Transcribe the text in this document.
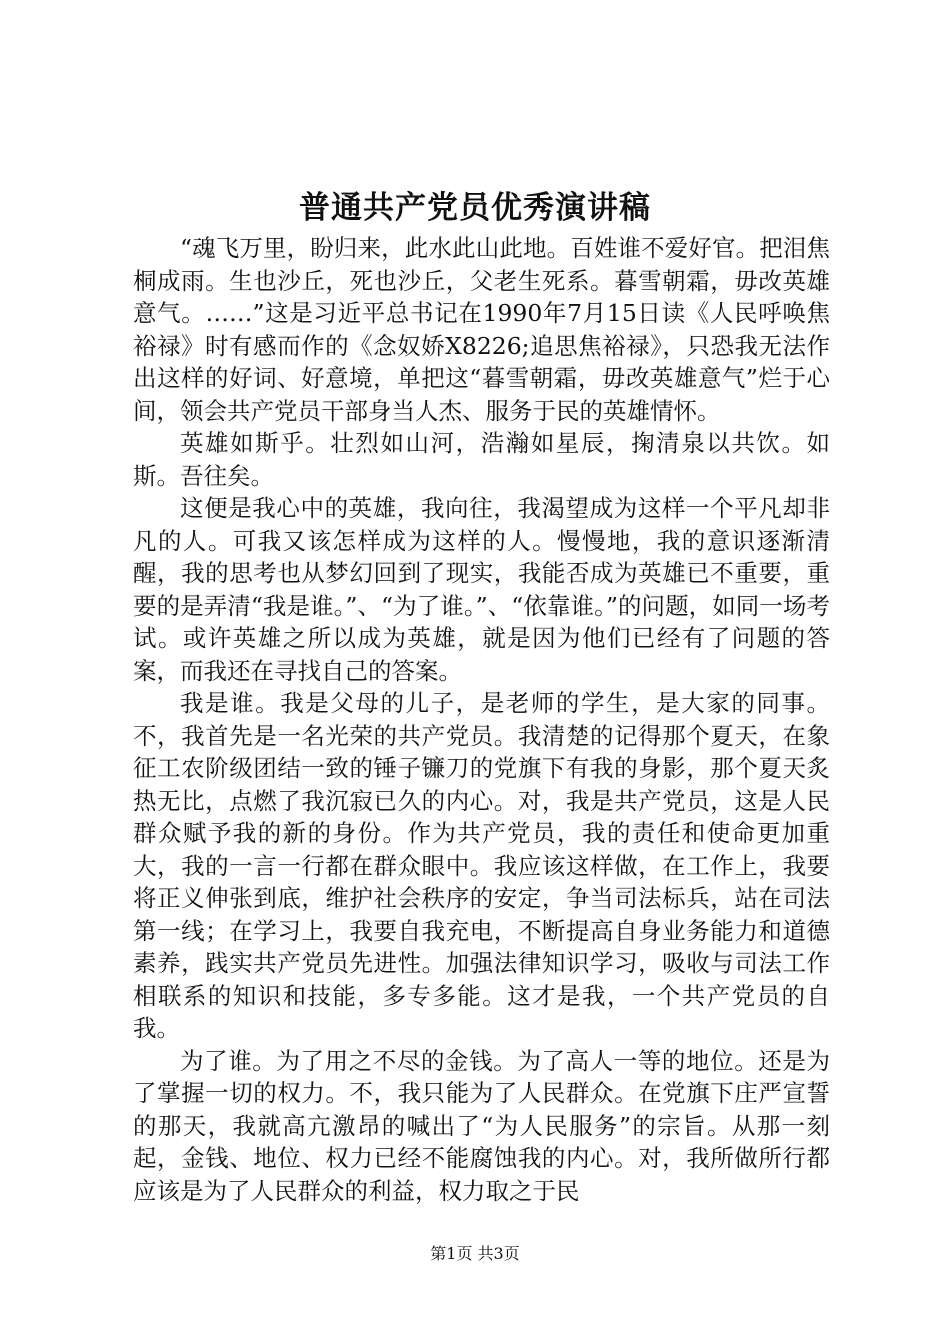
普通共产党员优秀演讲稿

“魂飞万里，盼归来，此水此山此地。百姓谁不爱好官。把泪焦桐成雨。生也沙丘，死也沙丘，父老生死系。暮雪朝霜，毋改英雄意气。……”这是习近平总书记在1990年7月15日读《人民呼唤焦裕禄》时有感而作的《念奴娇X8226;追思焦裕禄》，只恐我无法作出这样的好词、好意境，单把这“暮雪朝霜，毋改英雄意气”烂于心间，领会共产党员干部身当人杰、服务于民的英雄情怀。

英雄如斯乎。壮烈如山河，浩瀚如星辰，掬清泉以共饮。如斯。吾往矣。

这便是我心中的英雄，我向往，我渴望成为这样一个平凡却非凡的人。可我又该怎样成为这样的人。慢慢地，我的意识逐渐清醒，我的思考也从梦幻回到了现实，我能否成为英雄已不重要，重要的是弄清“我是谁。”、“为了谁。”、“依靠谁。”的问题，如同一场考试。或许英雄之所以成为英雄，就是因为他们已经有了问题的答案，而我还在寻找自己的答案。

我是谁。我是父母的儿子，是老师的学生，是大家的同事。不，我首先是一名光荣的共产党员。我清楚的记得那个夏天，在象征工农阶级团结一致的锤子镰刀的党旗下有我的身影，那个夏天炙热无比，点燃了我沉寂已久的内心。对，我是共产党员，这是人民群众赋予我的新的身份。作为共产党员，我的责任和使命更加重大，我的一言一行都在群众眼中。我应该这样做，在工作上，我要将正义伸张到底，维护社会秩序的安定，争当司法标兵，站在司法第一线；在学习上，我要自我充电，不断提高自身业务能力和道德素养，践实共产党员先进性。加强法律知识学习，吸收与司法工作相联系的知识和技能，多专多能。这才是我，一个共产党员的自我。

为了谁。为了用之不尽的金钱。为了高人一等的地位。还是为了掌握一切的权力。不，我只能为了人民群众。在党旗下庄严宣誓的那天，我就高亢激昂的喊出了“为人民服务”的宗旨。从那一刻起，金钱、地位、权力已经不能腐蚀我的内心。对，我所做所行都应该是为了人民群众的利益，权力取之于民

第1页 共3页
